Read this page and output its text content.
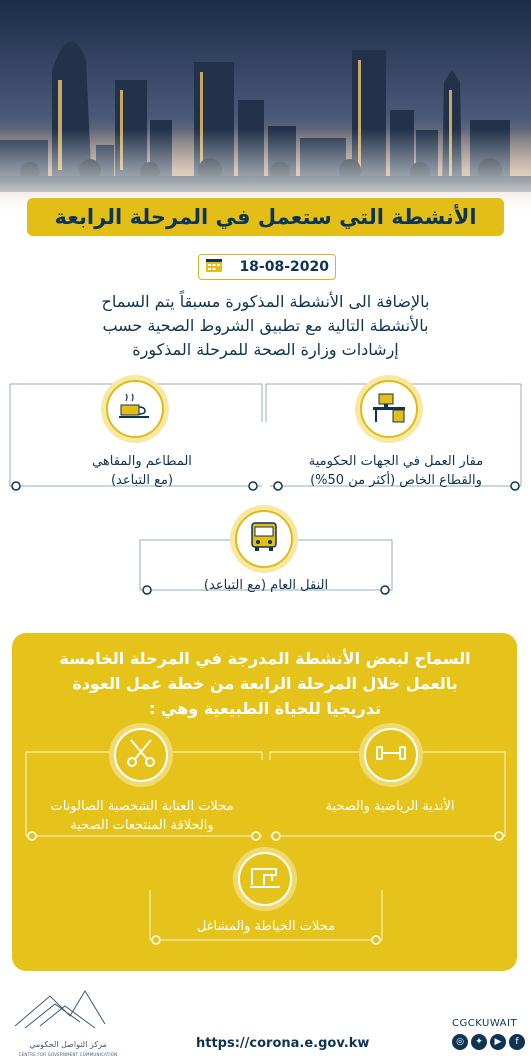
الأنشطة التي ستعمل في المرحلة الرابعة
18-08-2020
بالإضافة الى الأنشطة المذكورة مسبقاً يتم السماح
بالأنشطة التالية مع تطبيق الشروط الصحية حسب
إرشادات وزارة الصحة للمرحلة المذكورة
مقار العمل في الجهات الحكومية
والقطاع الخاص (أكثر من 50%)
المطاعم والمقاهي
(مع التباعد)
النقل العام (مع التباعد)
السماح لبعض الأنشطة المدرجة في المرحلة الخامسة
بالعمل خلال المرحلة الرابعة من خطة عمل العودة
تدريجيا للحياة الطبيعية وهي :
الأندية الرياضية والصحية
محلات العناية الشخصية الصالونات
والحلاقة المنتجعات الصحية
محلات الخياطة والمشاغل
مركز التواصل الحكومي
CENTRE FOR GOVERNMENT COMMUNICATION
https://corona.e.gov.kw
CGCKUWAIT
◎	✦	▶	f
